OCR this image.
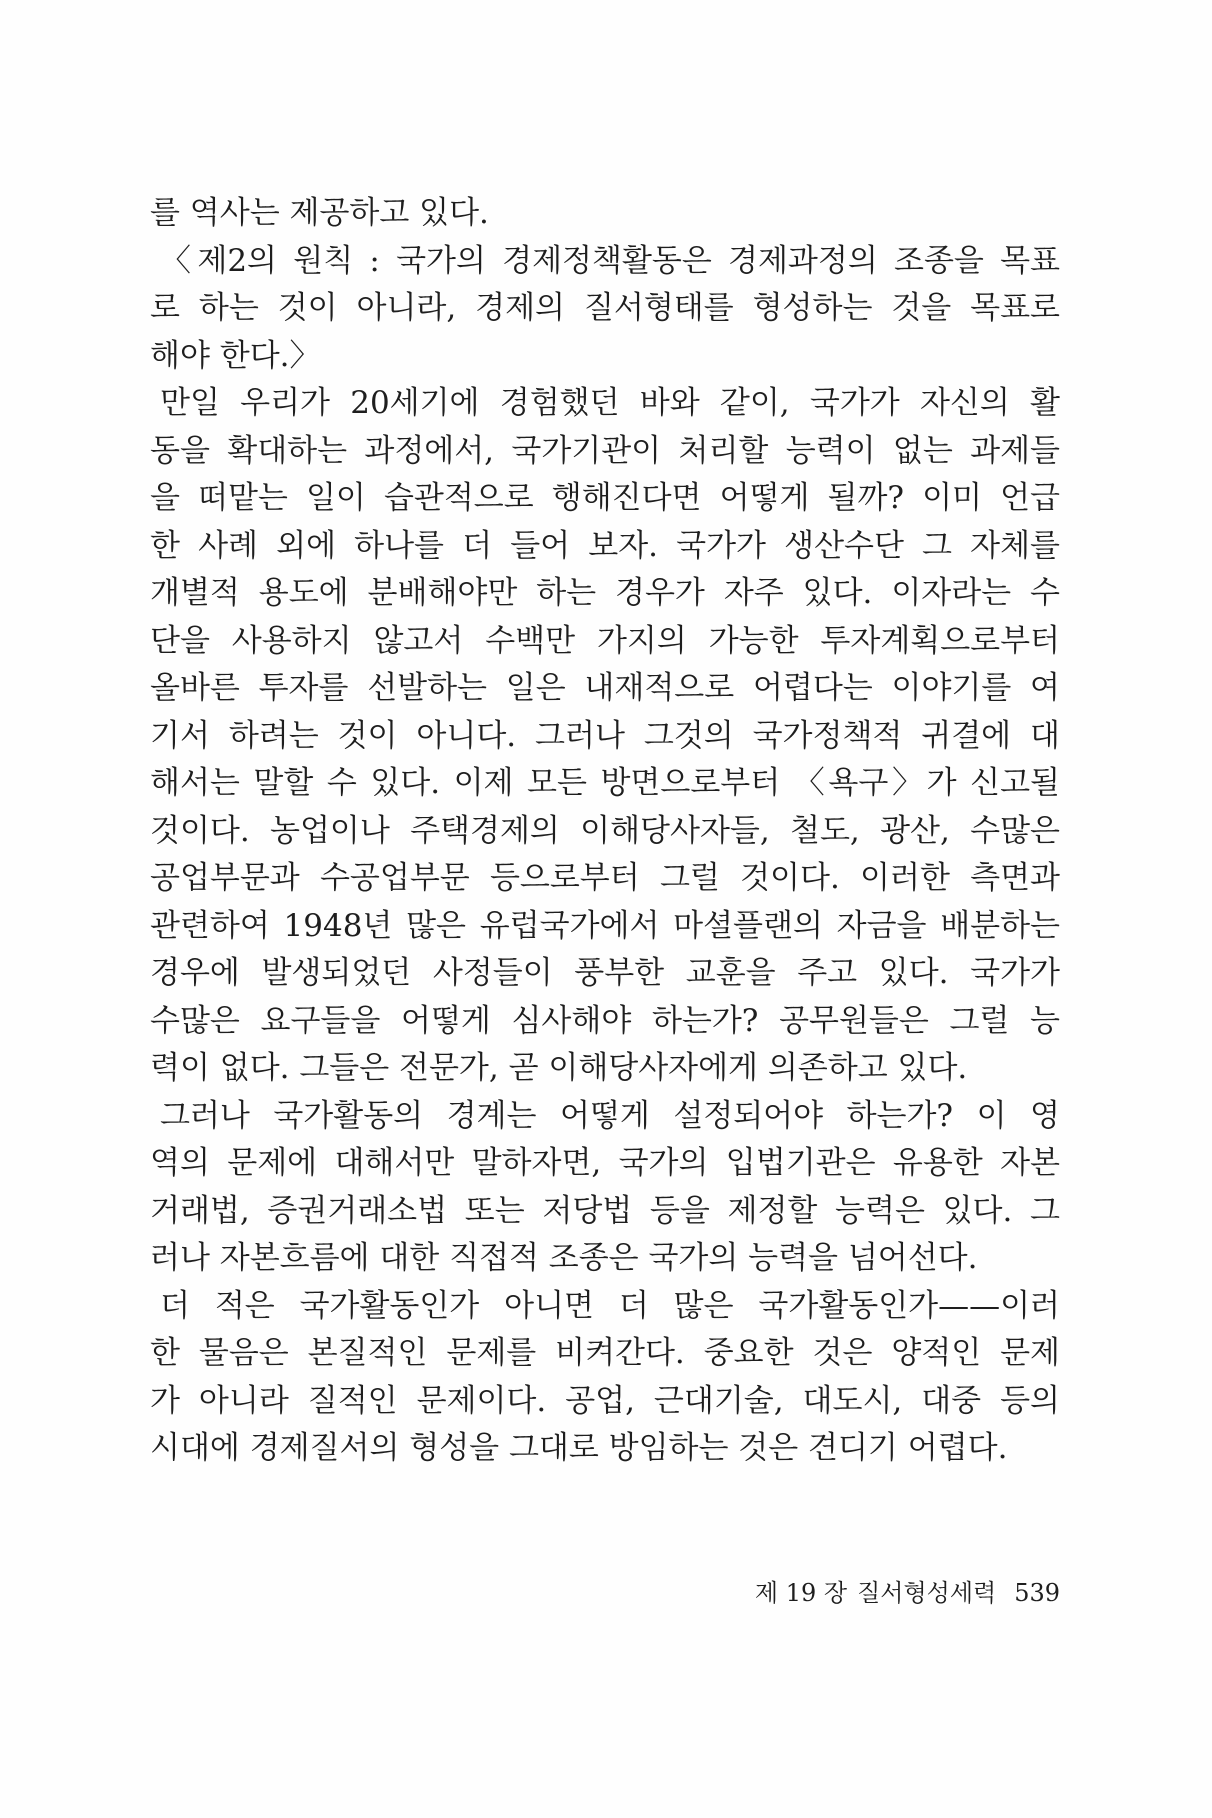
를 역사는 제공하고 있다.
〈제2의 원칙 : 국가의 경제정책활동은 경제과정의 조종을 목표
로 하는 것이 아니라, 경제의 질서형태를 형성하는 것을 목표로
해야 한다.〉
만일 우리가 20세기에 경험했던 바와 같이, 국가가 자신의 활
동을 확대하는 과정에서, 국가기관이 처리할 능력이 없는 과제들
을 떠맡는 일이 습관적으로 행해진다면 어떻게 될까? 이미 언급
한 사례 외에 하나를 더 들어 보자. 국가가 생산수단 그 자체를
개별적 용도에 분배해야만 하는 경우가 자주 있다. 이자라는 수
단을 사용하지 않고서 수백만 가지의 가능한 투자계획으로부터
올바른 투자를 선발하는 일은 내재적으로 어렵다는 이야기를 여
기서 하려는 것이 아니다. 그러나 그것의 국가정책적 귀결에 대
해서는 말할 수 있다. 이제 모든 방면으로부터 〈욕구〉가 신고될
것이다. 농업이나 주택경제의 이해당사자들, 철도, 광산, 수많은
공업부문과 수공업부문 등으로부터 그럴 것이다. 이러한 측면과
관련하여 1948년 많은 유럽국가에서 마셜플랜의 자금을 배분하는
경우에 발생되었던 사정들이 풍부한 교훈을 주고 있다. 국가가
수많은 요구들을 어떻게 심사해야 하는가? 공무원들은 그럴 능
력이 없다. 그들은 전문가, 곧 이해당사자에게 의존하고 있다.
그러나 국가활동의 경계는 어떻게 설정되어야 하는가? 이 영
역의 문제에 대해서만 말하자면, 국가의 입법기관은 유용한 자본
거래법, 증권거래소법 또는 저당법 등을 제정할 능력은 있다. 그
러나 자본흐름에 대한 직접적 조종은 국가의 능력을 넘어선다.
더 적은 국가활동인가 아니면 더 많은 국가활동인가——이러
한 물음은 본질적인 문제를 비켜간다. 중요한 것은 양적인 문제
가 아니라 질적인 문제이다. 공업, 근대기술, 대도시, 대중 등의
시대에 경제질서의 형성을 그대로 방임하는 것은 견디기 어렵다.
제 19 장 질서형성세력 539
